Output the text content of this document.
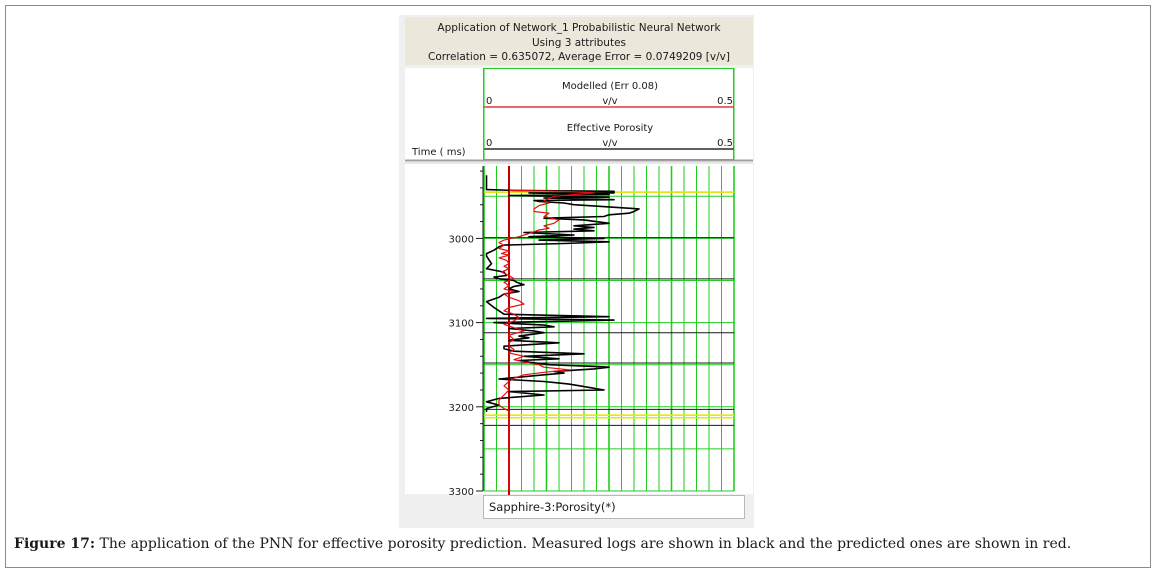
Application of Network_1 Probabilistic Neural Network
Using 3 attributes
Correlation = 0.635072, Average Error = 0.0749209 [v/v]
Modelled (Err 0.08)
0	v/v	0.5
Effective Porosity
0	v/v	0.5
Time ( ms)
3000
3100
3200
3300
Sapphire-3:Porosity(*)
Figure 17: The application of the PNN for effective porosity prediction. Measured logs are shown in black and the predicted ones are shown in red.
